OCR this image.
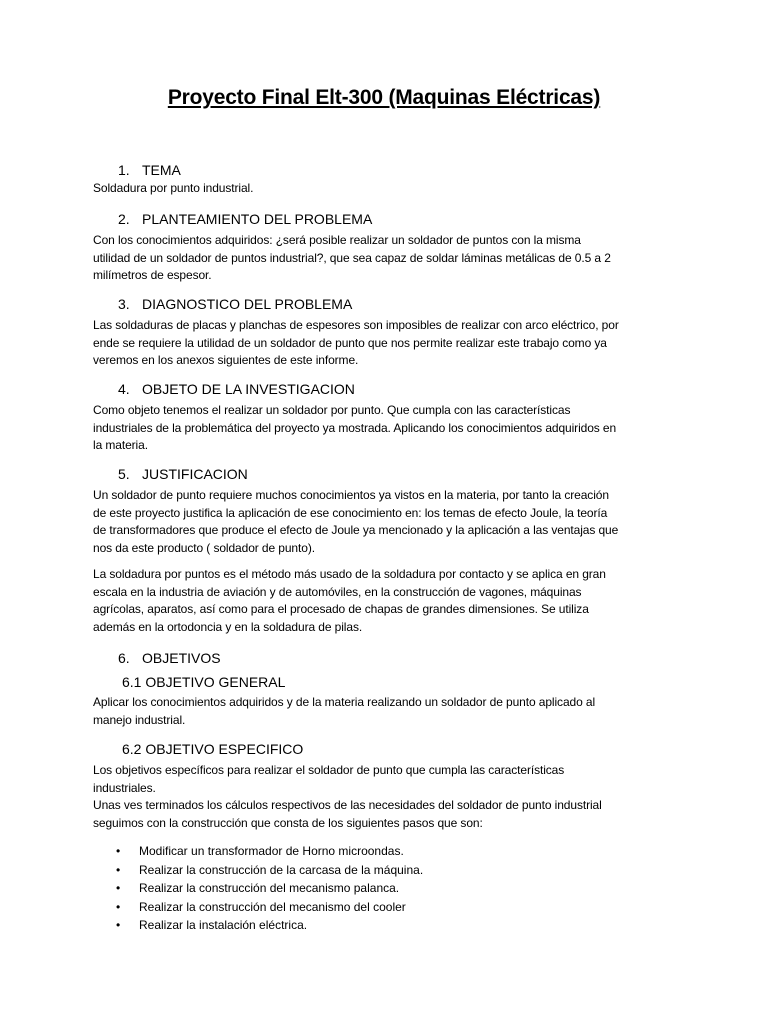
Proyecto Final Elt-300 (Maquinas Eléctricas)
1. TEMA
Soldadura por punto industrial.
2. PLANTEAMIENTO DEL PROBLEMA
Con los conocimientos adquiridos: ¿será posible realizar un soldador de puntos con la misma
utilidad de un soldador de puntos industrial?, que sea capaz de soldar láminas metálicas de 0.5 a 2
milímetros de espesor.
3. DIAGNOSTICO DEL PROBLEMA
Las soldaduras de placas y planchas de espesores son imposibles de realizar con arco eléctrico, por
ende se requiere la utilidad de un soldador de punto que nos permite realizar este trabajo como ya
veremos en los anexos siguientes de este informe.
4. OBJETO DE LA INVESTIGACION
Como objeto tenemos el realizar un soldador por punto. Que cumpla con las características
industriales de la problemática del proyecto ya mostrada. Aplicando los conocimientos adquiridos en
la materia.
5. JUSTIFICACION
Un soldador de punto requiere muchos conocimientos ya vistos en la materia, por tanto la creación
de este proyecto justifica la aplicación de ese conocimiento en: los temas de efecto Joule, la teoría
de transformadores que produce el efecto de Joule ya mencionado y la aplicación a las ventajas que
nos da este producto ( soldador de punto).
La soldadura por puntos es el método más usado de la soldadura por contacto y se aplica en gran
escala en la industria de aviación y de automóviles, en la construcción de vagones, máquinas
agrícolas, aparatos, así como para el procesado de chapas de grandes dimensiones. Se utiliza
además en la ortodoncia y en la soldadura de pilas.
6. OBJETIVOS
6.1 OBJETIVO GENERAL
Aplicar los conocimientos adquiridos y de la materia realizando un soldador de punto aplicado al
manejo industrial.
6.2 OBJETIVO ESPECIFICO
Los objetivos específicos para realizar el soldador de punto que cumpla las características
industriales.
Unas ves terminados los cálculos respectivos de las necesidades del soldador de punto industrial
seguimos con la construcción que consta de los siguientes pasos que son:
• Modificar un transformador de Horno microondas.
• Realizar la construcción de la carcasa de la máquina.
• Realizar la construcción del mecanismo palanca.
• Realizar la construcción del mecanismo del cooler
• Realizar la instalación eléctrica.
